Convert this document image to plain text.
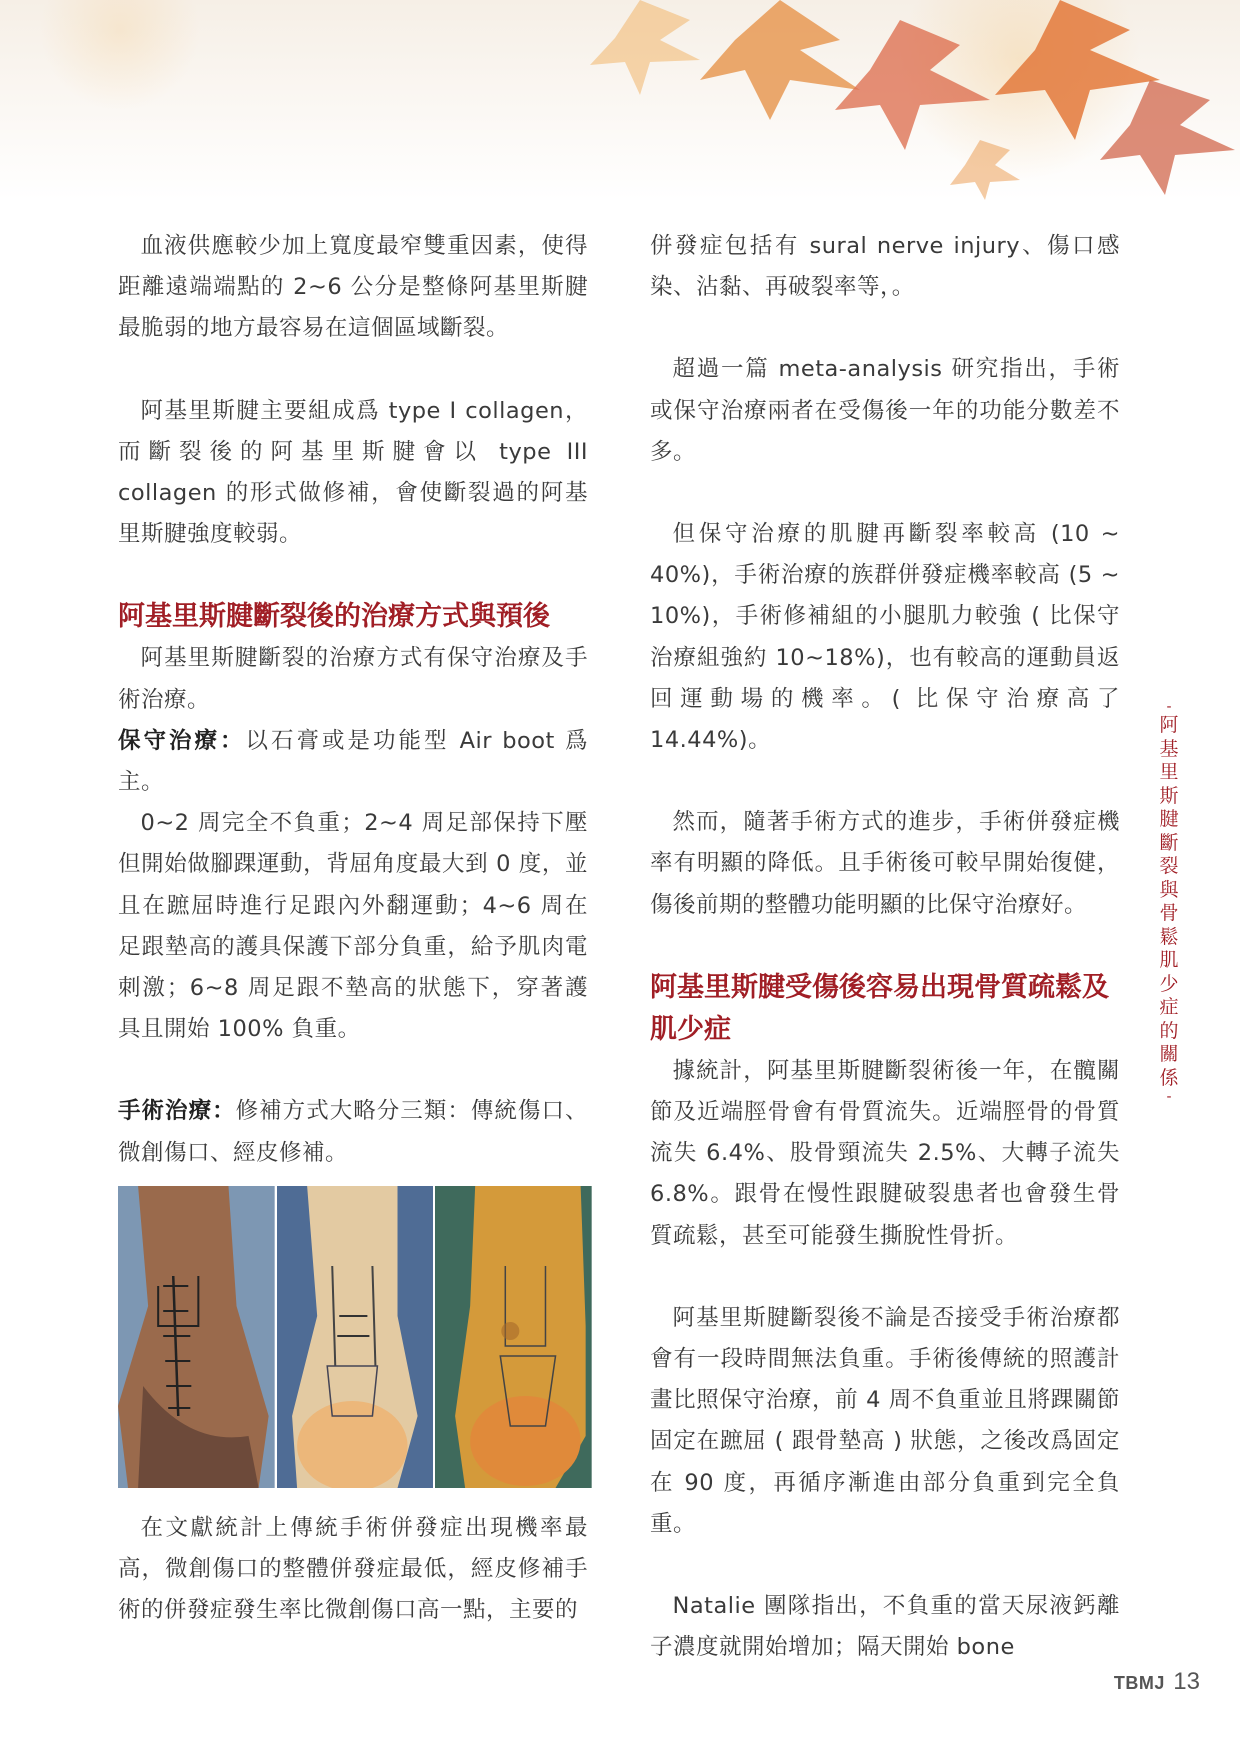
血液供應較少加上寬度最窄雙重因素，使得距離遠端端點的 2~6 公分是整條阿基里斯腱最脆弱的地方最容易在這個區域斷裂。

阿基里斯腱主要組成爲 type I collagen，而斷裂後的阿基里斯腱會以 type III collagen 的形式做修補，會使斷裂過的阿基里斯腱強度較弱。

阿基里斯腱斷裂後的治療方式與預後

阿基里斯腱斷裂的治療方式有保守治療及手術治療。

保守治療：以石膏或是功能型 Air boot 爲主。

0~2 周完全不負重；2~4 周足部保持下壓但開始做腳踝運動，背屈角度最大到 0 度，並且在蹠屈時進行足跟內外翻運動；4~6 周在足跟墊高的護具保護下部分負重，給予肌肉電刺激；6~8 周足跟不墊高的狀態下，穿著護具且開始 100% 負重。

手術治療：修補方式大略分三類：傳統傷口、微創傷口、經皮修補。

在文獻統計上傳統手術併發症出現機率最高，微創傷口的整體併發症最低，經皮修補手術的併發症發生率比微創傷口高一點，主要的

併發症包括有 sural nerve injury、傷口感染、沾黏、再破裂率等，。

超過一篇 meta-analysis 研究指出，手術或保守治療兩者在受傷後一年的功能分數差不多。

但保守治療的肌腱再斷裂率較高 (10 ~ 40%)，手術治療的族群併發症機率較高 (5 ~ 10%)，手術修補組的小腿肌力較強 ( 比保守治療組強約 10~18%)，也有較高的運動員返回運動場的機率。( 比保守治療高了 14.44%)。

然而，隨著手術方式的進步，手術併發症機率有明顯的降低。且手術後可較早開始復健，傷後前期的整體功能明顯的比保守治療好。

阿基里斯腱受傷後容易出現骨質疏鬆及肌少症

據統計，阿基里斯腱斷裂術後一年，在髖關節及近端脛骨會有骨質流失。近端脛骨的骨質流失 6.4%、股骨頸流失 2.5%、大轉子流失 6.8%。跟骨在慢性跟腱破裂患者也會發生骨質疏鬆，甚至可能發生撕脫性骨折。

阿基里斯腱斷裂後不論是否接受手術治療都會有一段時間無法負重。手術後傳統的照護計畫比照保守治療，前 4 周不負重並且將踝關節固定在蹠屈 ( 跟骨墊高 ) 狀態，之後改爲固定在 90 度，再循序漸進由部分負重到完全負重。

Natalie 團隊指出，不負重的當天尿液鈣離子濃度就開始增加；隔天開始 bone

-
阿
基
里
斯
腱
斷
裂
與
骨
鬆
肌
少
症
的
關
係
-
TBMJ 13
